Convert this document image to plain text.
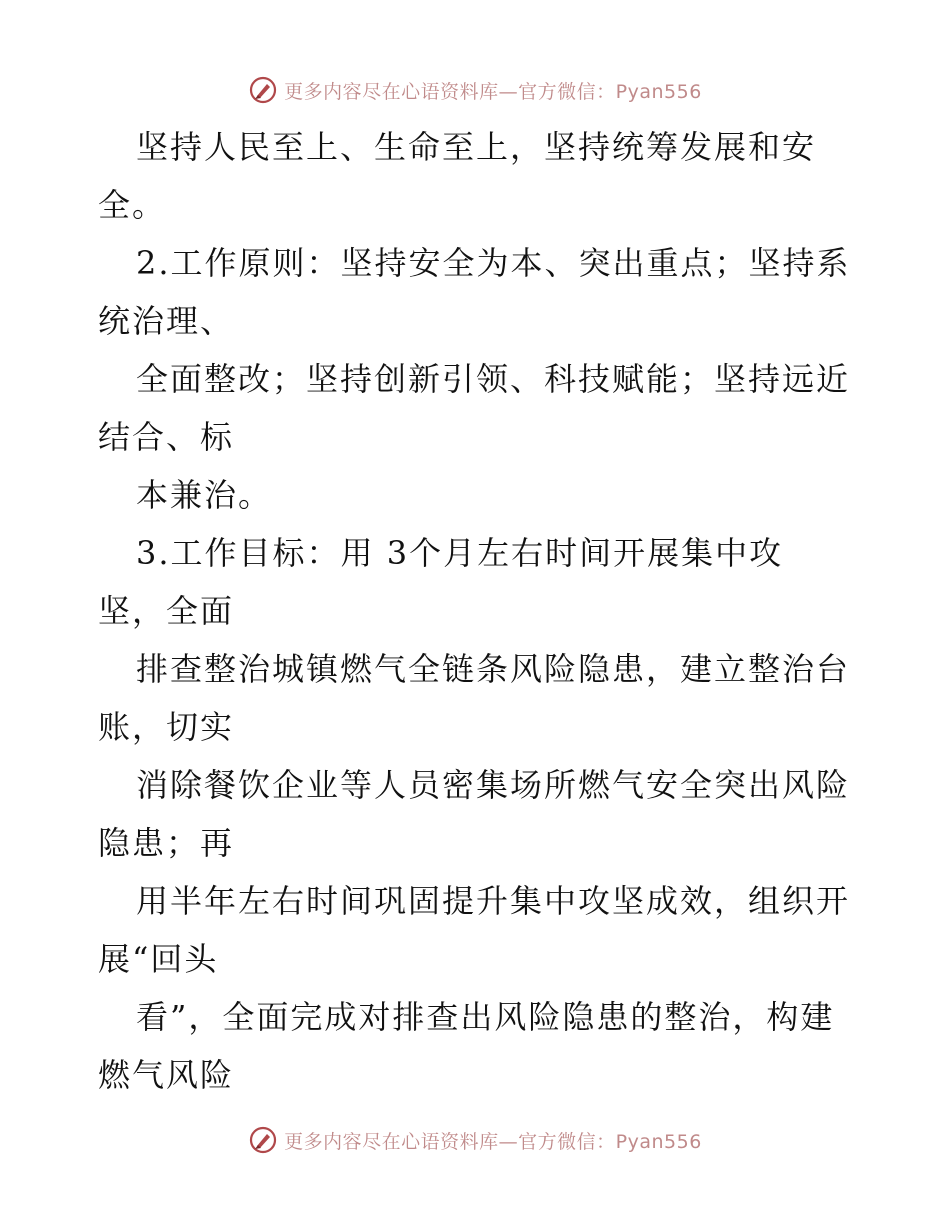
更多内容尽在心语资料库—官方微信：Pyan556
坚持人民至上、生命至上，坚持统筹发展和安
全。
2.工作原则：坚持安全为本、突出重点；坚持系
统治理、
全面整改；坚持创新引领、科技赋能；坚持远近
结合、标
本兼治。
3.工作目标：用 3个月左右时间开展集中攻
坚，全面
排查整治城镇燃气全链条风险隐患，建立整治台
账，切实
消除餐饮企业等人员密集场所燃气安全突出风险
隐患；再
用半年左右时间巩固提升集中攻坚成效，组织开
展“回头
看”，全面完成对排查出风险隐患的整治，构建
燃气风险
更多内容尽在心语资料库—官方微信：Pyan556
